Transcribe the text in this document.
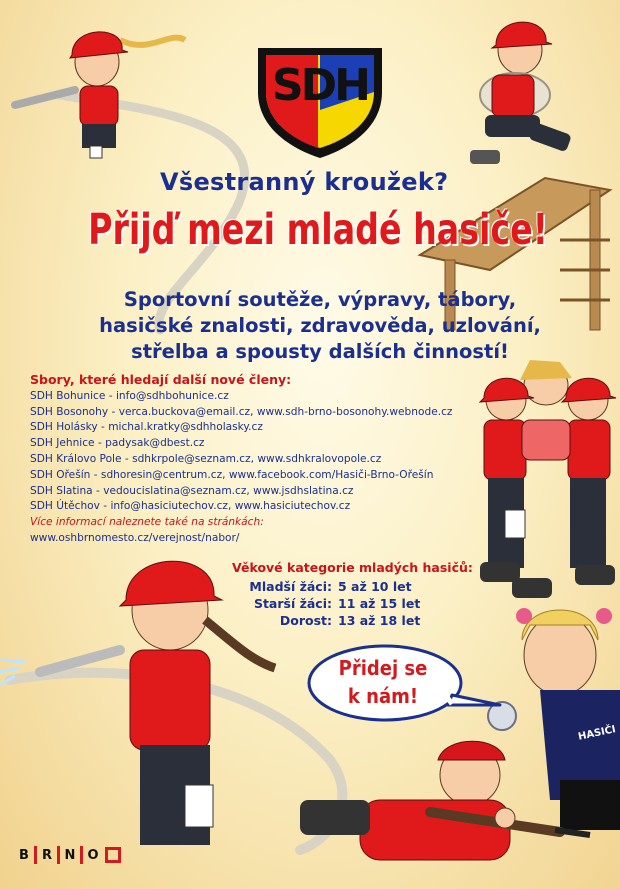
SDH
Všestranný kroužek?
Přijď mezi mladé hasiče!
Sportovní soutěže, výpravy, tábory,
hasičské znalosti, zdravověda, uzlování,
střelba a spousty dalších činností!
Sbory, které hledají další nové členy:
SDH Bohunice - info@sdhbohunice.cz
SDH Bosonohy - verca.buckova@email.cz, www.sdh-brno-bosonohy.webnode.cz
SDH Holásky - michal.kratky@sdhholasky.cz
SDH Jehnice - padysak@dbest.cz
SDH Královo Pole - sdhkrpole@seznam.cz, www.sdhkralovopole.cz
SDH Ořešín - sdhoresin@centrum.cz, www.facebook.com/Hasiči-Brno-Ořešín
SDH Slatina - vedoucislatina@seznam.cz, www.jsdhslatina.cz
SDH Útěchov - info@hasiciutechov.cz, www.hasiciutechov.cz
Více informací naleznete také na stránkách:
www.oshbrnomesto.cz/verejnost/nabor/
Věkové kategorie mladých hasičů:
Mladší žáci: 5 až 10 let
Starší žáci: 11 až 15 let
Dorost: 13 až 18 let
Přidej se
k nám!
HASIČI
B	R N O
